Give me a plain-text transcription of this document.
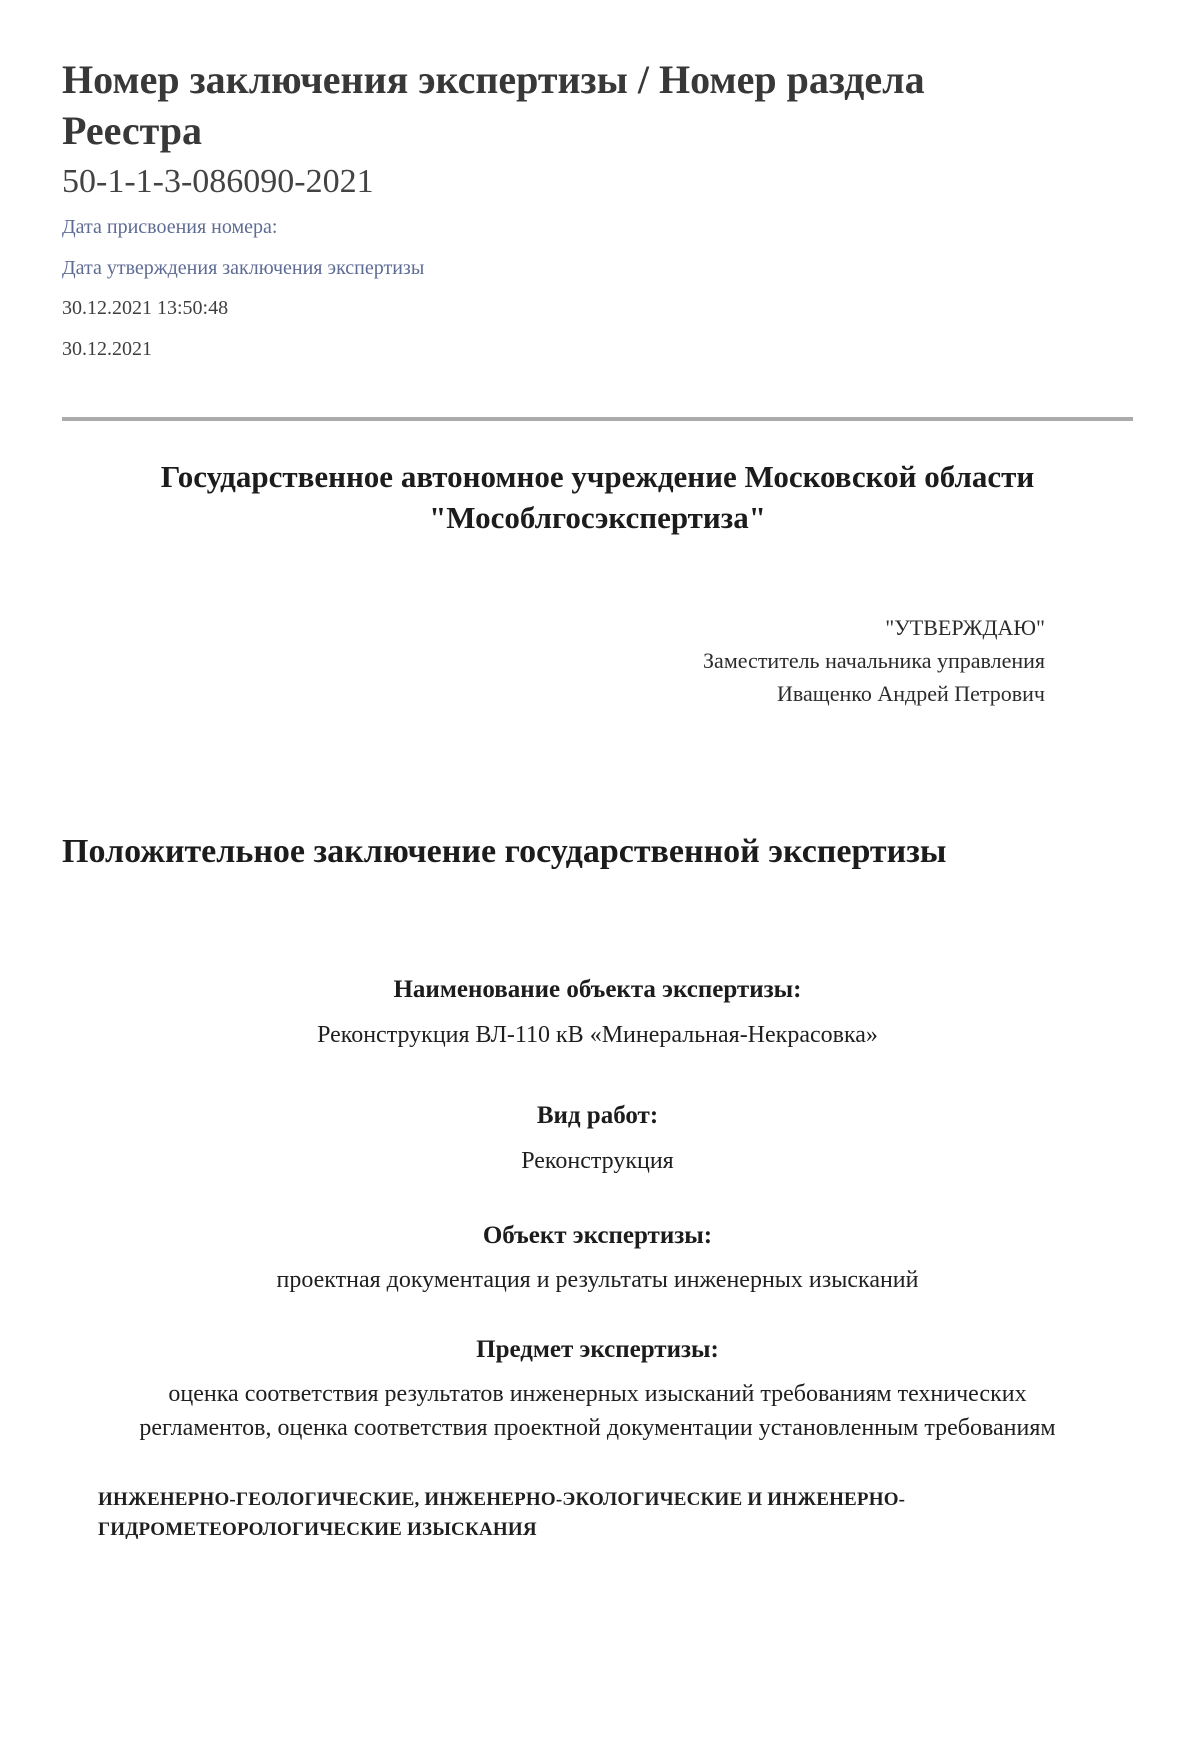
Номер заключения экспертизы / Номер раздела Реестра
50-1-1-3-086090-2021
Дата присвоения номера:
Дата утверждения заключения экспертизы
30.12.2021 13:50:48
30.12.2021
Государственное автономное учреждение Московской области
"Мособлгосэкспертиза"
"УТВЕРЖДАЮ"
Заместитель начальника управления
Иващенко Андрей Петрович
Положительное заключение государственной экспертизы
Наименование объекта экспертизы:
Реконструкция ВЛ-110 кВ «Минеральная-Некрасовка»
Вид работ:
Реконструкция
Объект экспертизы:
проектная документация и результаты инженерных изысканий
Предмет экспертизы:
оценка соответствия результатов инженерных изысканий требованиям технических регламентов, оценка соответствия проектной документации установленным требованиям

ИНЖЕНЕРНО-ГЕОЛОГИЧЕСКИЕ, ИНЖЕНЕРНО-ЭКОЛОГИЧЕСКИЕ И ИНЖЕНЕРНО-ГИДРОМЕТЕОРОЛОГИЧЕСКИЕ ИЗЫСКАНИЯ
